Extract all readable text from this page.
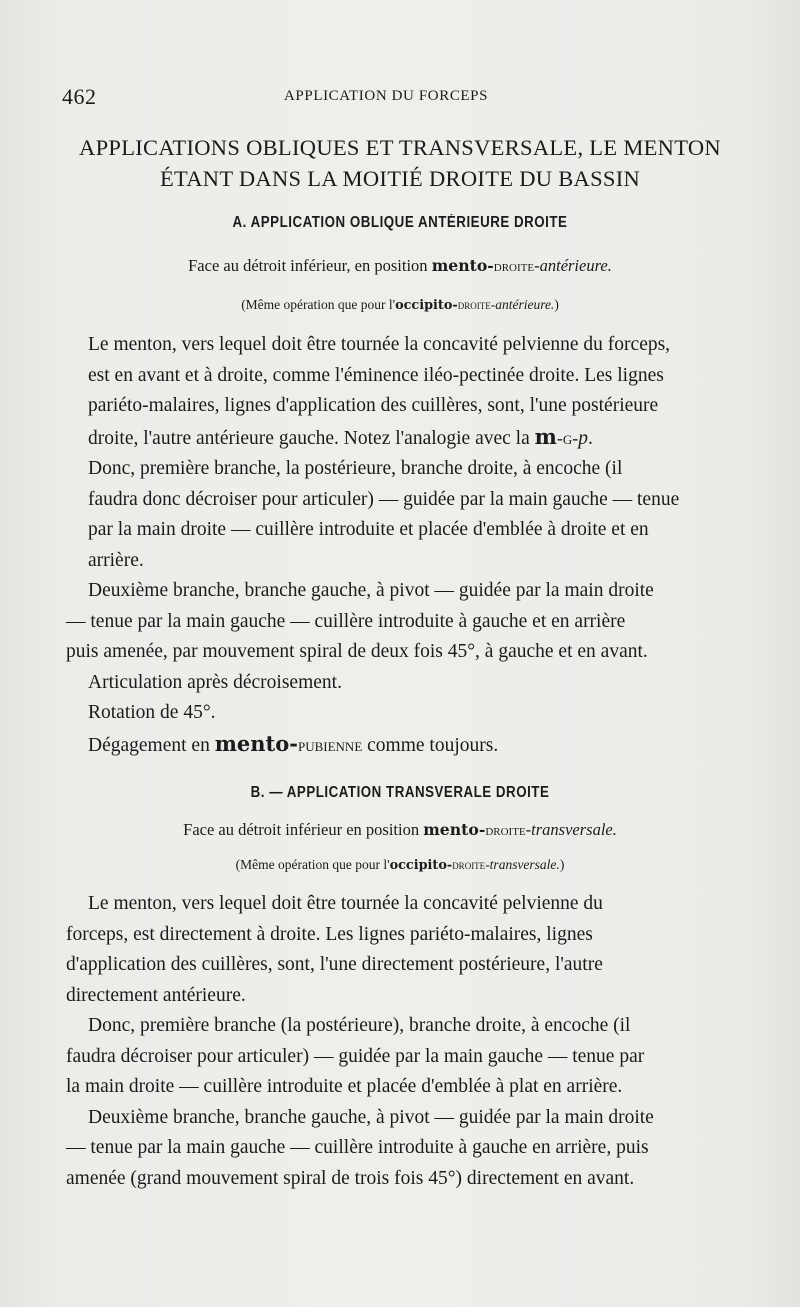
462	APPLICATION DU FORCEPS
APPLICATIONS OBLIQUES ET TRANSVERSALE, LE MENTON
ÉTANT DANS LA MOITIÉ DROITE DU BASSIN
A. APPLICATION OBLIQUE ANTÉRIEURE DROITE

Face au détroit inférieur, en position mento-droite-antérieure.

(Même opération que pour l'occipito-droite-antérieure.)

Le menton, vers lequel doit être tournée la concavité pelvienne du forceps,
est en avant et à droite, comme l'éminence iléo-pectinée droite. Les lignes
pariéto-malaires, lignes d'application des cuillères, sont, l'une postérieure
droite, l'autre antérieure gauche. Notez l'analogie avec la m-g-p.

Donc, première branche, la postérieure, branche droite, à encoche (il
faudra donc décroiser pour articuler) — guidée par la main gauche — tenue
par la main droite — cuillère introduite et placée d'emblée à droite et en
arrière.

Deuxième branche, branche gauche, à pivot — guidée par la main droite
— tenue par la main gauche — cuillère introduite à gauche et en arrière
puis amenée, par mouvement spiral de deux fois 45°, à gauche et en avant.

Articulation après décroisement.

Rotation de 45°.

Dégagement en mento-pubienne comme toujours.

B. — APPLICATION TRANSVERALE DROITE

Face au détroit inférieur en position mento-droite-transversale.

(Même opération que pour l'occipito-droite-transversale.)

Le menton, vers lequel doit être tournée la concavité pelvienne du
forceps, est directement à droite. Les lignes pariéto-malaires, lignes
d'application des cuillères, sont, l'une directement postérieure, l'autre
directement antérieure.

Donc, première branche (la postérieure), branche droite, à encoche (il
faudra décroiser pour articuler) — guidée par la main gauche — tenue par
la main droite — cuillère introduite et placée d'emblée à plat en arrière.

Deuxième branche, branche gauche, à pivot — guidée par la main droite
— tenue par la main gauche — cuillère introduite à gauche en arrière, puis
amenée (grand mouvement spiral de trois fois 45°) directement en avant.
